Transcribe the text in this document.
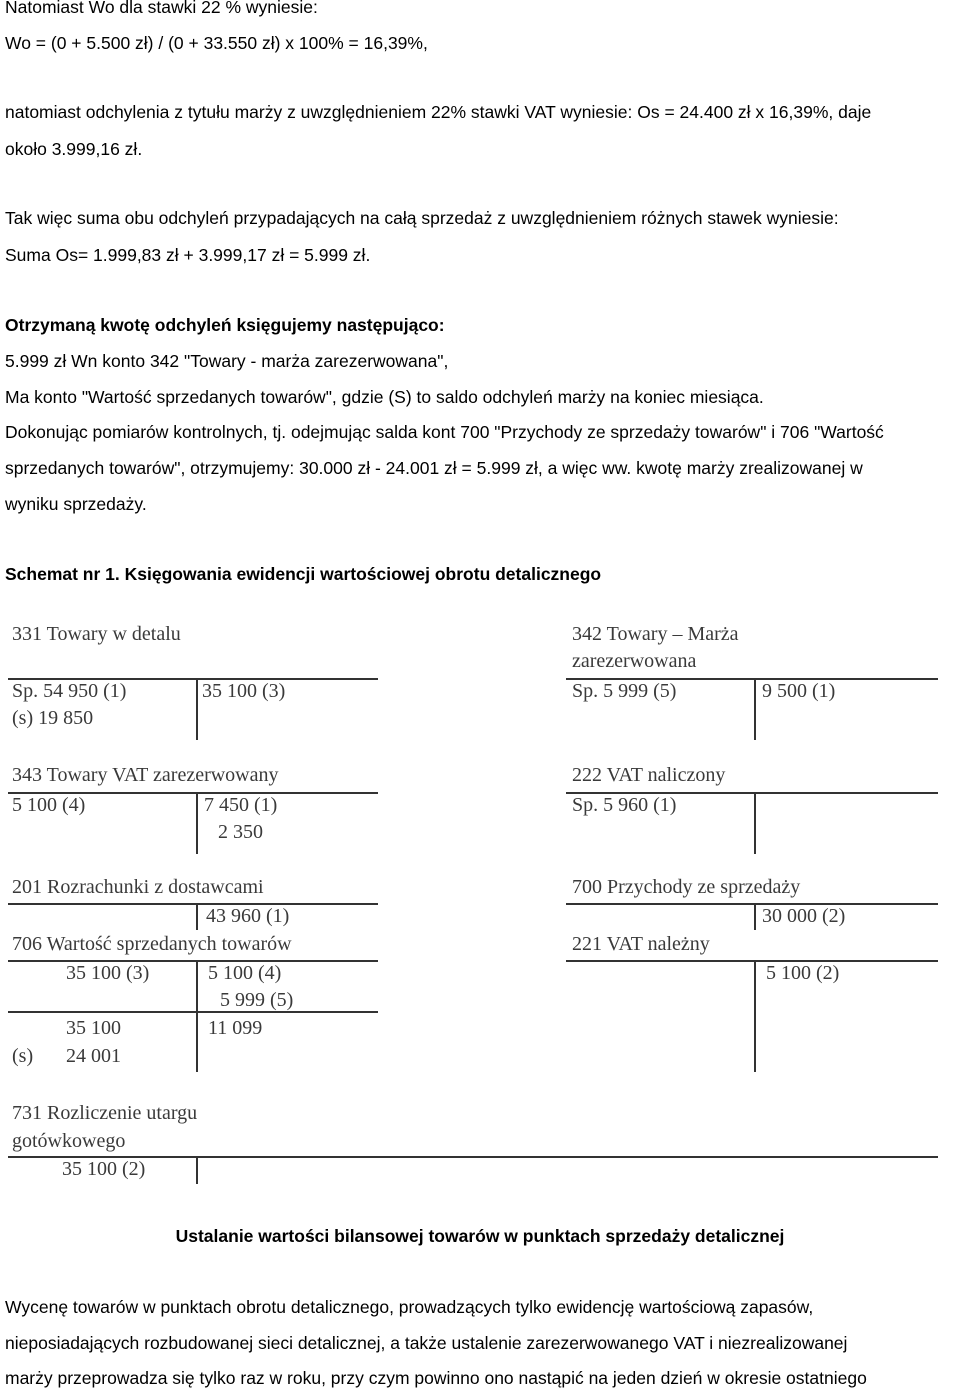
Natomiast Wo dla stawki 22 % wyniesie:
Wo = (0 + 5.500 zł) / (0 + 33.550 zł) x 100% = 16,39%,
natomiast odchylenia z tytułu marży z uwzględnieniem 22% stawki VAT wyniesie: Os = 24.400 zł x 16,39%, daje
około 3.999,16 zł.
Tak więc suma obu odchyleń przypadających na całą sprzedaż z uwzględnieniem różnych stawek wyniesie:
Suma Os= 1.999,83 zł + 3.999,17 zł = 5.999 zł.
Otrzymaną kwotę odchyleń księgujemy następująco:
5.999 zł Wn konto 342 "Towary - marża zarezerwowana",
Ma konto "Wartość sprzedanych towarów", gdzie (S) to saldo odchyleń marży na koniec miesiąca.
Dokonując pomiarów kontrolnych, tj. odejmując salda kont 700 "Przychody ze sprzedaży towarów" i 706 "Wartość
sprzedanych towarów", otrzymujemy: 30.000 zł - 24.001 zł = 5.999 zł, a więc ww. kwotę marży zrealizowanej w
wyniku sprzedaży.
Schemat nr 1. Księgowania ewidencji wartościowej obrotu detalicznego
331 Towary w detalu
Sp. 54 950 (1)
(s) 19 850
35 100 (3)
342 Towary – Marża
zarezerwowana
Sp. 5 999 (5)	9 500 (1)
343 Towary VAT zarezerwowany
5 100 (4)	7 450 (1)
2 350
222 VAT naliczony
Sp. 5 960 (1)
201 Rozrachunki z dostawcami
43 960 (1)
700 Przychody ze sprzedaży
30 000 (2)
706 Wartość sprzedanych towarów
35 100 (3)
35 100
(s) 24 001
5 100 (4)
5 999 (5)
11 099
221 VAT należny
5 100 (2)
731 Rozliczenie utargu
gotówkowego
35 100 (2)
Ustalanie wartości bilansowej towarów w punktach sprzedaży detalicznej
Wycenę towarów w punktach obrotu detalicznego, prowadzących tylko ewidencję wartościową zapasów,
nieposiadających rozbudowanej sieci detalicznej, a także ustalenie zarezerwowanego VAT i niezrealizowanej
marży przeprowadza się tylko raz w roku, przy czym powinno ono nastąpić na jeden dzień w okresie ostatniego
